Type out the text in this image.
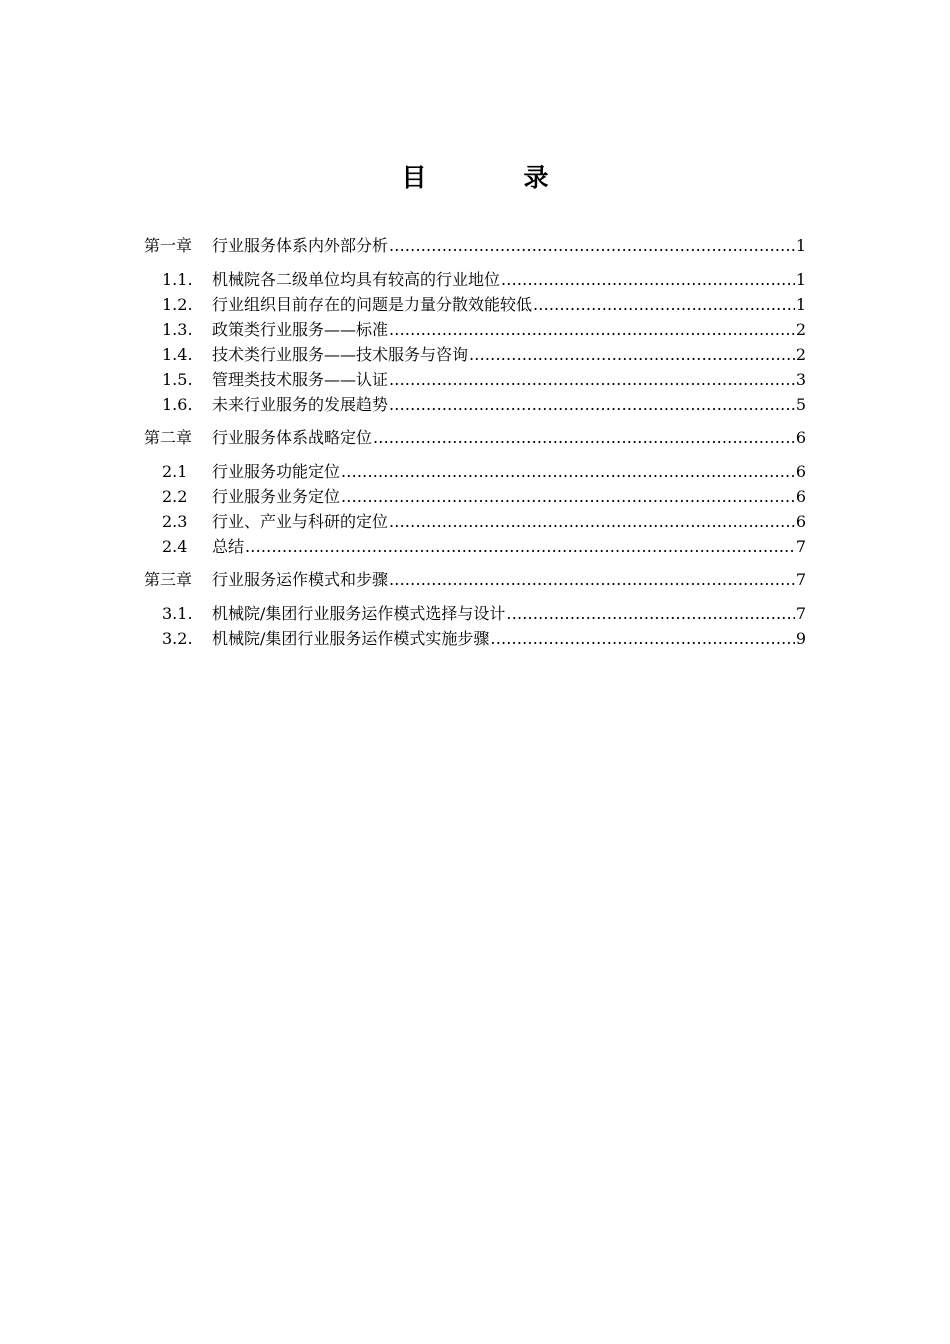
目　录
第一章	行业服务体系内外部分析 .....	1
1.1.	机械院各二级单位均具有较高的行业地位 .....	1
1.2.	行业组织目前存在的问题是力量分散效能较低 .....	1
1.3.	政策类行业服务——标准 .....	2
1.4.	技术类行业服务——技术服务与咨询 .....	2
1.5.	管理类技术服务——认证 .....	3
1.6.	未来行业服务的发展趋势 .....	5
第二章	行业服务体系战略定位 .....	6
2.1	行业服务功能定位 .....	6
2.2	行业服务业务定位 .....	6
2.3	行业、产业与科研的定位 .....	6
2.4	总结 .....	7
第三章	行业服务运作模式和步骤 .....	7
3.1.	机械院/集团行业服务运作模式选择与设计 .....	7
3.2.	机械院/集团行业服务运作模式实施步骤 .....	9
